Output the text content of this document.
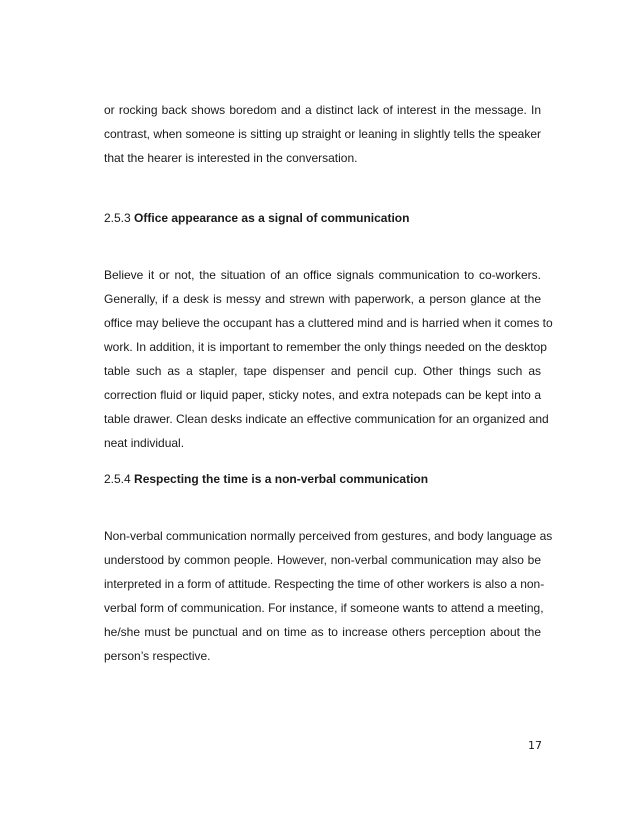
or rocking back shows boredom and a distinct lack of interest in the message. In
contrast, when someone is sitting up straight or leaning in slightly tells the speaker
that the hearer is interested in the conversation.
2.5.3 Office appearance as a signal of communication
Believe it or not, the situation of an office signals communication to co-workers.
Generally, if a desk is messy and strewn with paperwork, a person glance at the
office may believe the occupant has a cluttered mind and is harried when it comes to
work. In addition, it is important to remember the only things needed on the desktop
table such as a stapler, tape dispenser and pencil cup. Other things such as
correction fluid or liquid paper, sticky notes, and extra notepads can be kept into a
table drawer. Clean desks indicate an effective communication for an organized and
neat individual.
2.5.4 Respecting the time is a non-verbal communication
Non-verbal communication normally perceived from gestures, and body language as
understood by common people. However, non-verbal communication may also be
interpreted in a form of attitude. Respecting the time of other workers is also a non-
verbal form of communication. For instance, if someone wants to attend a meeting,
he/she must be punctual and on time as to increase others perception about the
person’s respective.
17
